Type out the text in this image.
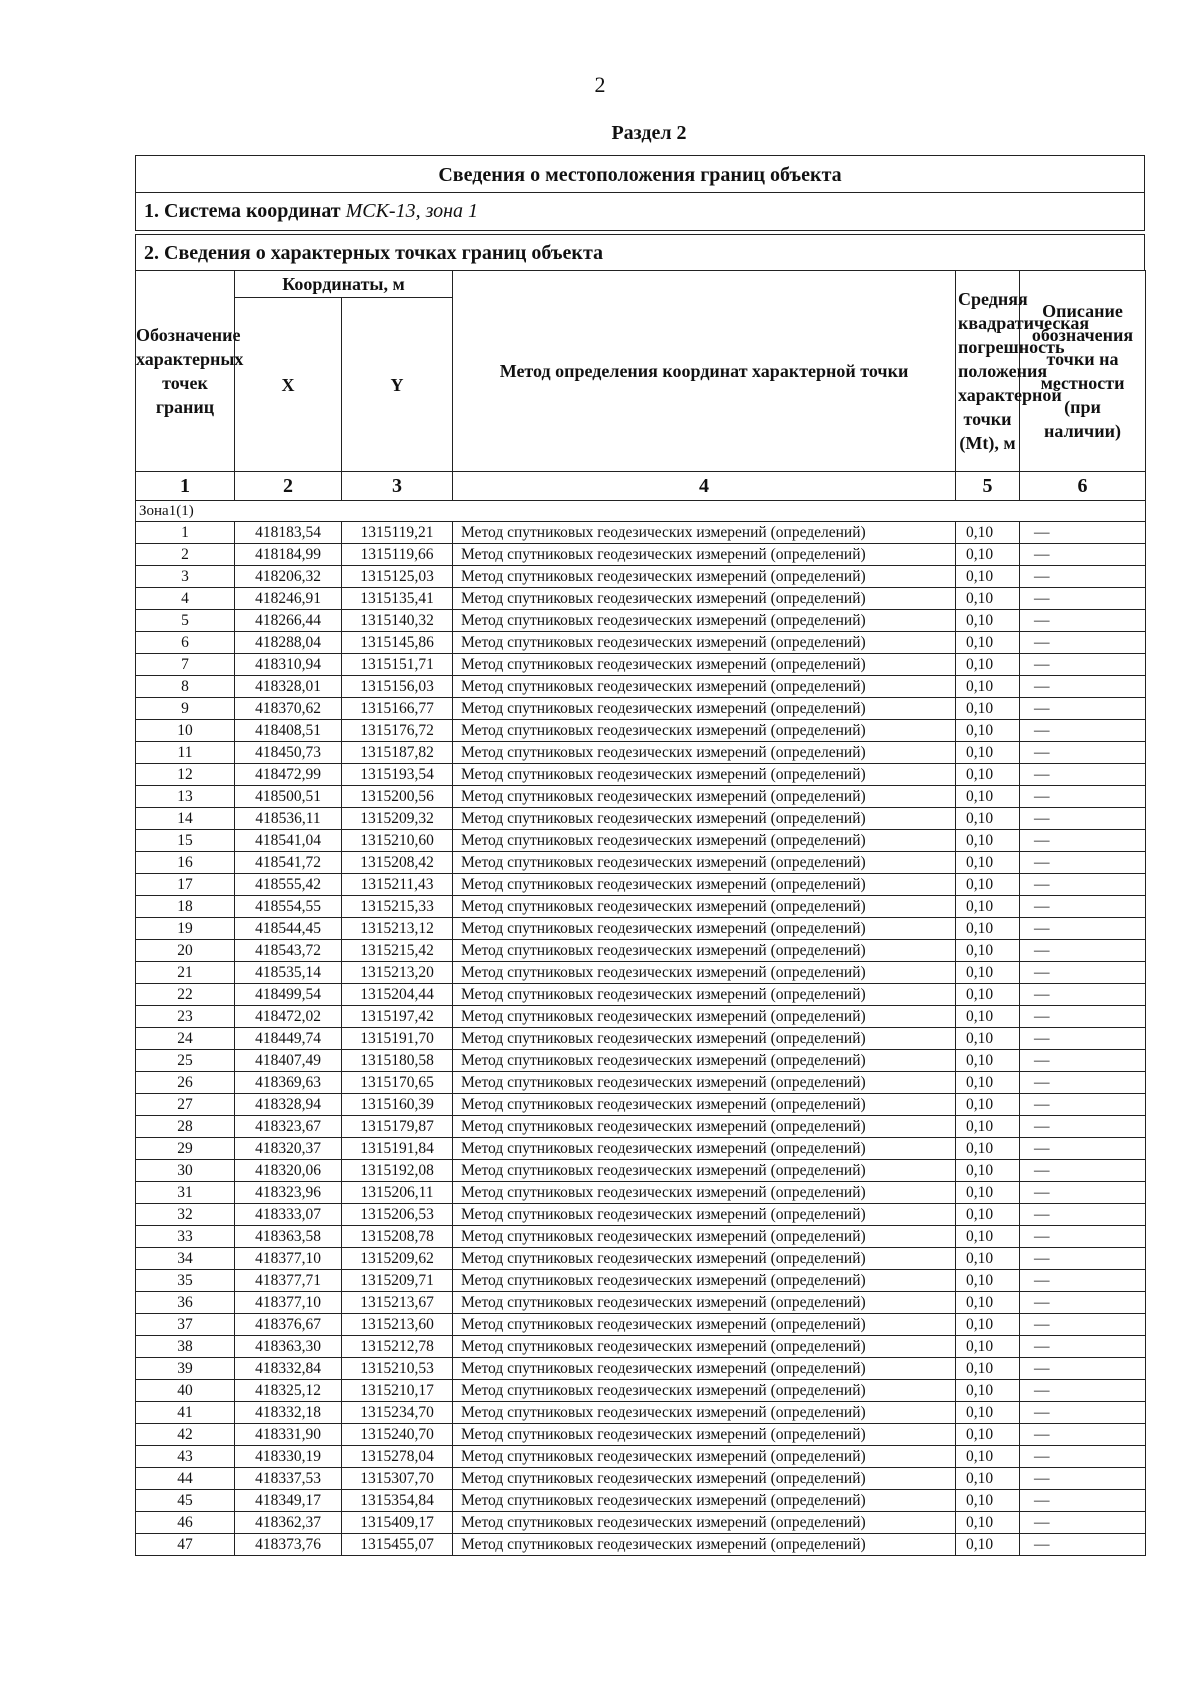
2
Раздел 2
Сведения о местоположения границ объекта
1. Система координат МСК-13, зона 1
2. Сведения о характерных точках границ объекта
Обозначение характерных точек границ	Координаты, м		Метод определения координат характерной точки	Средняя квадратическая погрешность положения характерной точки (Mt), м	Описание обозначения точки на местности (при наличии)
	X	Y			
1	2	3	4	5	6
Зона1(1)					
1	418183,54	1315119,21	Метод спутниковых геодезических измерений (определений)	0,10	—
2	418184,99	1315119,66	Метод спутниковых геодезических измерений (определений)	0,10	—
3	418206,32	1315125,03	Метод спутниковых геодезических измерений (определений)	0,10	—
4	418246,91	1315135,41	Метод спутниковых геодезических измерений (определений)	0,10	—
5	418266,44	1315140,32	Метод спутниковых геодезических измерений (определений)	0,10	—
6	418288,04	1315145,86	Метод спутниковых геодезических измерений (определений)	0,10	—
7	418310,94	1315151,71	Метод спутниковых геодезических измерений (определений)	0,10	—
8	418328,01	1315156,03	Метод спутниковых геодезических измерений (определений)	0,10	—
9	418370,62	1315166,77	Метод спутниковых геодезических измерений (определений)	0,10	—
10	418408,51	1315176,72	Метод спутниковых геодезических измерений (определений)	0,10	—
11	418450,73	1315187,82	Метод спутниковых геодезических измерений (определений)	0,10	—
12	418472,99	1315193,54	Метод спутниковых геодезических измерений (определений)	0,10	—
13	418500,51	1315200,56	Метод спутниковых геодезических измерений (определений)	0,10	—
14	418536,11	1315209,32	Метод спутниковых геодезических измерений (определений)	0,10	—
15	418541,04	1315210,60	Метод спутниковых геодезических измерений (определений)	0,10	—
16	418541,72	1315208,42	Метод спутниковых геодезических измерений (определений)	0,10	—
17	418555,42	1315211,43	Метод спутниковых геодезических измерений (определений)	0,10	—
18	418554,55	1315215,33	Метод спутниковых геодезических измерений (определений)	0,10	—
19	418544,45	1315213,12	Метод спутниковых геодезических измерений (определений)	0,10	—
20	418543,72	1315215,42	Метод спутниковых геодезических измерений (определений)	0,10	—
21	418535,14	1315213,20	Метод спутниковых геодезических измерений (определений)	0,10	—
22	418499,54	1315204,44	Метод спутниковых геодезических измерений (определений)	0,10	—
23	418472,02	1315197,42	Метод спутниковых геодезических измерений (определений)	0,10	—
24	418449,74	1315191,70	Метод спутниковых геодезических измерений (определений)	0,10	—
25	418407,49	1315180,58	Метод спутниковых геодезических измерений (определений)	0,10	—
26	418369,63	1315170,65	Метод спутниковых геодезических измерений (определений)	0,10	—
27	418328,94	1315160,39	Метод спутниковых геодезических измерений (определений)	0,10	—
28	418323,67	1315179,87	Метод спутниковых геодезических измерений (определений)	0,10	—
29	418320,37	1315191,84	Метод спутниковых геодезических измерений (определений)	0,10	—
30	418320,06	1315192,08	Метод спутниковых геодезических измерений (определений)	0,10	—
31	418323,96	1315206,11	Метод спутниковых геодезических измерений (определений)	0,10	—
32	418333,07	1315206,53	Метод спутниковых геодезических измерений (определений)	0,10	—
33	418363,58	1315208,78	Метод спутниковых геодезических измерений (определений)	0,10	—
34	418377,10	1315209,62	Метод спутниковых геодезических измерений (определений)	0,10	—
35	418377,71	1315209,71	Метод спутниковых геодезических измерений (определений)	0,10	—
36	418377,10	1315213,67	Метод спутниковых геодезических измерений (определений)	0,10	—
37	418376,67	1315213,60	Метод спутниковых геодезических измерений (определений)	0,10	—
38	418363,30	1315212,78	Метод спутниковых геодезических измерений (определений)	0,10	—
39	418332,84	1315210,53	Метод спутниковых геодезических измерений (определений)	0,10	—
40	418325,12	1315210,17	Метод спутниковых геодезических измерений (определений)	0,10	—
41	418332,18	1315234,70	Метод спутниковых геодезических измерений (определений)	0,10	—
42	418331,90	1315240,70	Метод спутниковых геодезических измерений (определений)	0,10	—
43	418330,19	1315278,04	Метод спутниковых геодезических измерений (определений)	0,10	—
44	418337,53	1315307,70	Метод спутниковых геодезических измерений (определений)	0,10	—
45	418349,17	1315354,84	Метод спутниковых геодезических измерений (определений)	0,10	—
46	418362,37	1315409,17	Метод спутниковых геодезических измерений (определений)	0,10	—
47	418373,76	1315455,07	Метод спутниковых геодезических измерений (определений)	0,10	—
